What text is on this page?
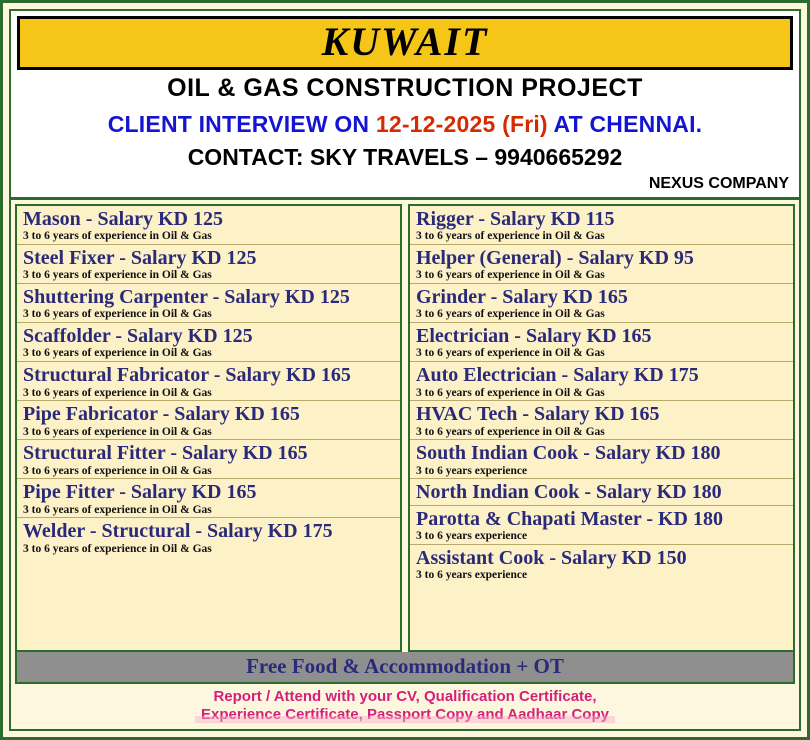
KUWAIT
OIL & GAS CONSTRUCTION PROJECT
CLIENT INTERVIEW ON 12-12-2025 (Fri) AT CHENNAI.
CONTACT: SKY TRAVELS – 9940665292
NEXUS COMPANY
Mason - Salary KD 125
3 to 6 years of experience in Oil & Gas
Steel Fixer - Salary KD 125
3 to 6 years of experience in Oil & Gas
Shuttering Carpenter - Salary KD 125
3 to 6 years of experience in Oil & Gas
Scaffolder - Salary KD 125
3 to 6 years of experience in Oil & Gas
Structural Fabricator - Salary KD 165
3 to 6 years of experience in Oil & Gas
Pipe Fabricator - Salary KD 165
3 to 6 years of experience in Oil & Gas
Structural Fitter - Salary KD 165
3 to 6 years of experience in Oil & Gas
Pipe Fitter - Salary KD 165
3 to 6 years of experience in Oil & Gas
Welder - Structural - Salary KD 175
3 to 6 years of experience in Oil & Gas
Rigger - Salary KD 115
3 to 6 years of experience in Oil & Gas
Helper (General) - Salary KD 95
3 to 6 years of experience in Oil & Gas
Grinder - Salary KD 165
3 to 6 years of experience in Oil & Gas
Electrician - Salary KD 165
3 to 6 years of experience in Oil & Gas
Auto Electrician - Salary KD 175
3 to 6 years of experience in Oil & Gas
HVAC Tech - Salary KD 165
3 to 6 years of experience in Oil & Gas
South Indian Cook - Salary KD 180
3 to 6 years experience
North Indian Cook - Salary KD 180
Parotta & Chapati Master - KD 180
3 to 6 years experience
Assistant Cook - Salary KD 150
3 to 6 years experience
Free Food & Accommodation + OT
Report / Attend with your CV, Qualification Certificate,
Experience Certificate, Passport Copy and Aadhaar Copy
